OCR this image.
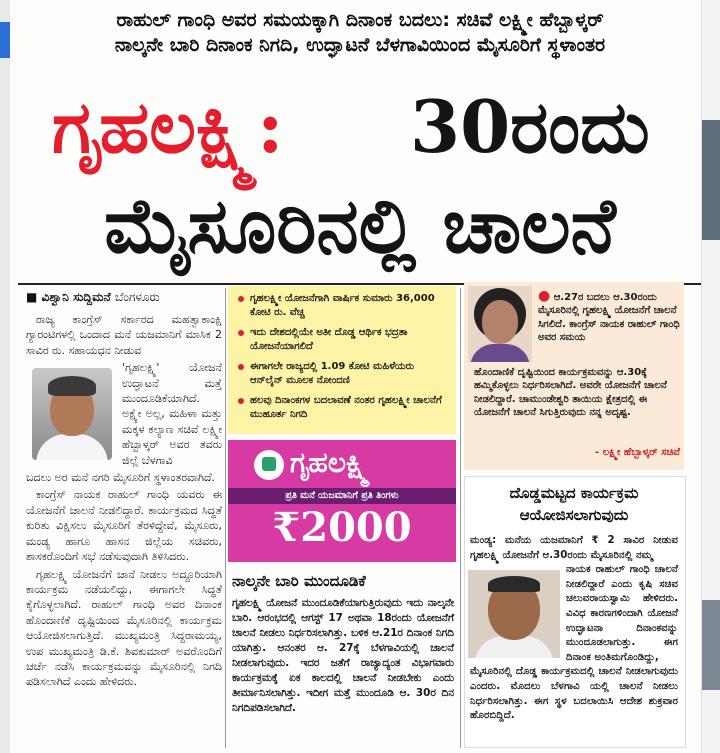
ರಾಹುಲ್ ಗಾಂಧಿ ಅವರ ಸಮಯಕ್ಕಾಗಿ ದಿನಾಂಕ ಬದಲು: ಸಚಿವೆ ಲಕ್ಷ್ಮೀ ಹೆಬ್ಬಾಳ್ಕರ್
ನಾಲ್ಕನೇ ಬಾರಿ ದಿನಾಂಕ ನಿಗದಿ, ಉದ್ಘಾಟನೆ ಬೆಳಗಾವಿಯಿಂದ ಮೈಸೂರಿಗೆ ಸ್ಥಳಾಂತರ
ಗೃಹಲಕ್ಷ್ಮಿ: 30ರಂದು
ಮೈಸೂರಿನಲ್ಲಿ ಚಾಲನೆ
■ ವಿಶ್ವಾನಿ ಸುದ್ದಿಮನೆ ಬೆಂಗಳೂರು

ರಾಜ್ಯ ಕಾಂಗ್ರೆಸ್ ಸರ್ಕಾರದ ಮಹತ್ವಾಕಾಂಕ್ಷಿ ಗ್ಯಾರಂಟಿಗಳಲ್ಲಿ ಒಂದಾದ ಮನೆ ಯಜಮಾನಿಗೆ ಮಾಸಿಕ 2 ಸಾವಿರ ರು. ಸಹಾಯಧನ ನೀಡುವ

'ಗೃಹಲಕ್ಷ್ಮಿ' ಯೋಜನೆ ಉದ್ಘಾಟನೆ ಮತ್ತೆ ಮುಂದೂಡಿಕೆಯಾಗಿದೆ. ಅಕ್ಷ್ಯೇ ಅಲ್ಲ, ಮಹಿಳಾ ಮತ್ತು ಮಕ್ಕಳ ಕಲ್ಯಾಣ ಸಚಿವೆ ಲಕ್ಷ್ಮೀ ಹೆಬ್ಬಾಳ್ಕರ್ ಅವರ ತವರು ಜಿಲ್ಲೆ ಬೆಳಗಾವಿ

ಬದಲು ಅರ ಮನೆ ನಗರಿ ಮೈಸೂರಿಗೆ ಸ್ಥಳಾಂತರವಾಗಿದೆ.

ಕಾಂಗ್ರೆಸ್ ನಾಯಕ ರಾಹುಲ್ ಗಾಂಧಿ ಯವರು ಈ ಯೋಜನೆಗೆ ಚಾಲನೆ ನೀಡಲಿದ್ದಾರೆ. ಕಾರ್ಯಕ್ರಮದ ಸಿದ್ಧತೆ ಕುರಿತು ವಿಕ್ಷಿಸಲು ಮೈಸೂರಿಗೆ ತೆರಳಿದ್ದೇವೆ, ಮೈಸೂರು, ಮಂಡ್ಯ ಹಾಗೂ ಹಾಸನ ಜಿಲ್ಲೆಯ ಸಚಿವರು, ಶಾಸಕರೊಂದಿಗೆ ಸಭೆ ನಡೆಸುವುದಾಗಿ ತಿಳಿಸಿದರು.

ಗೃಹಲಕ್ಷ್ಮಿ ಯೋಜನೆಗೆ ಚಾನೆ ನೀಡಲು ಅದ್ದೂರಿಯಾಗಿ ಕಾರ್ಯಕ್ರಮ ನಡೆಯಲಿದ್ದು, ಈಗಾಗಲೇ ಸಿದ್ಧತೆ ಕೈಗೊಳ್ಳಲಾಗಿದೆ. ರಾಹುಲ್ ಗಾಂಧಿ ಅವರ ದಿನಾಂಕ ಹೊಂದಾಣಿಕೆ ದೃಷ್ಟಿಯಿಂದ ಮೈಸೂರಿನಲ್ಲಿ ಕಾರ್ಯಕ್ರಮ ಆಯೋಜಿಸಲಾಗುತ್ತಿದೆ. ಮುಖ್ಯಮಂತ್ರಿ ಸಿದ್ದರಾಮಯ್ಯ, ಉಪ ಮುಖ್ಯಮಂತ್ರಿ ಡಿ.ಕೆ. ಶಿವಕುಮಾರ್ ಅವರೊಂದಿಗೆ ಚರ್ಚೆ ನಡೆಸಿ ಕಾರ್ಯಕ್ರಮವನ್ನು ಮೈಸೂರಿನಲ್ಲಿ ನಿಗದಿ ಪಡಿಸಲಾಗಿದೆ ಎಂದು ಹೇಳಿದರು.

ಗೃಹಲಕ್ಷ್ಮೀ ಯೋಜನೆಗಾಗಿ ವಾರ್ಷಿಕ ಸುಮಾರು 36,000 ಕೋಟಿ ರು. ವೆಚ್ಚ
ಇದು ದೇಶದಲ್ಲಿಯೇ ಅತೀ ದೊಡ್ಡ ಆರ್ಥಿಕ ಭದ್ರತಾ ಯೋಜನೆಯಾಗಲಿದೆ
ಈಗಾಗಲೇ ರಾಜ್ಯದಲ್ಲಿ 1.09 ಕೋಟಿ ಮಹಿಳೆಯರು ಆನ್‌ಲೈನ್ ಮೂಲಕ ನೋಂದಣಿ
ಹಲವು ದಿನಾಂಕಗಳ ಬದಲಾವಣೆ ನಂತರ ಗೃಹಲಕ್ಷ್ಮೀ ಚಾಲನೆಗೆ ಮುಹೂರ್ತ ನಿಗದಿ
ಗೃಹಲಕ್ಷ್ಮಿ
ಪ್ರತಿ ಮನೆ ಯಜಮಾನಿಗೆ ಪ್ರತಿ ತಿಂಗಳು
₹2000
ನಾಲ್ಕನೇ ಬಾರಿ ಮುಂದೂಡಿಕೆ

ಗೃಹಲಕ್ಷ್ಮಿ ಯೋಜನೆ ಮುಂದೂಡಿಕೆಯಾಗುತ್ತಿರುವುದು ಇದು ನಾಲ್ಕನೇ ಬಾರಿ. ಆರಂಭದಲ್ಲಿ ಆಗಸ್ಟ್ 17 ಅಥವಾ 18ರಂದು ಯೋಜನೆಗೆ ಚಾಲನೆ ನೀಡಲು ನಿರ್ಧರಿಸಲಾಗಿತ್ತು. ಬಳಿಕ ಆ.21ರ ದಿನಾಂಕ ನಿಗದಿ ಯಾಗಿತ್ತು. ಆನಂತರ ಆ. 27ಕ್ಕೆ ಬೆಳಗಾವಿಯಲ್ಲಿ ಚಾಲನೆ ನೀಡಲಾಗುವುದು. ಇದರ ಜತೆಗೆ ರಾಜ್ಯಾದ್ಯಂತ ವಿಭಾಗವಾರು ಕಾರ್ಯಕ್ರಮಕ್ಕೆ ಏಕ ಕಾಲದಲ್ಲಿ ಚಾಲನೆ ನೀಡಬೇಕು ಎಂದು ತೀರ್ಮಾನಿಸಲಾಗಿತ್ತು. ಇದೀಗ ಮತ್ತೆ ಮುಂದೂಡಿ ಆ. 30ರ ದಿನ ನಿಗದಿಪಡಿಸಲಾಗಿದೆ.

● ಆ.27ರ ಬದಲು ಆ.30ರಂದು ಮೈಸೂರಿನಲ್ಲಿ ಗೃಹಲಕ್ಷ್ಮಿ ಯೋಜನೆಗೆ ಚಾಲನೆ ಸಿಗಲಿದೆ. ಕಾಂಗ್ರೆಸ್ ನಾಯಕ ರಾಹುಲ್ ಗಾಂಧಿ ಅವರ ಸಮಯ
ಹೊಂದಾಣಿಕೆ ದೃಷ್ಟಿಯಿಂದ ಕಾರ್ಯಕ್ರಮವನ್ನು ಆ.30ಕ್ಕೆ ಹಮ್ಮಿಕೊಳ್ಳಲು ನಿರ್ಧರಿಸಲಾಗಿದೆ. ಅವರೇ ಯೋಜನೆಗೆ ಚಾಲನೆ ನೀಡಲಿದ್ದಾರೆ. ಚಾಮುಂಡೇಶ್ವರಿ ತಾಯಿಯ ಕ್ಷೇತ್ರದಲ್ಲಿ ಈ ಯೋಜನೆಗೆ ಚಾಲನೆ ಸಿಗುತ್ತಿರುವುದು ನನ್ನ ಅದೃಷ್ಟ.
- ಲಕ್ಷ್ಮೀ ಹೆಬ್ಬಾಳ್ಕರ್ ಸಚಿವೆ
ದೊಡ್ಡಮಟ್ಟದ ಕಾರ್ಯಕ್ರಮ ಆಯೋಜಿಸಲಾಗುವುದು

ಮಂಡ್ಯ: ಮನೆಯ ಯಜಮಾನಿಗೆ ₹ 2 ಸಾವಿರ ನೀಡುವ ಗೃಹಲಕ್ಷ್ಮಿ ಯೋಜನೆಗೆ ಆ.30ರಂದು ಮೈಸೂರಿನಲ್ಲಿ ನಮ್ಮ

ನಾಯಕ ರಾಹುಲ್ ಗಾಂಧಿ ಚಾಲನೆ ನೀಡಲಿದ್ದಾರೆ ಎಂದು ಕೃಷಿ ಸಚಿವ ಚಲುವರಾಯಸ್ವಾಮಿ ಹೇಳಿದರು. ವಿವಿಧ ಕಾರಣಗಳಿಂದಾಗಿ ಯೋಜನೆ ಉದ್ಘಾಟನಾ ದಿನಾಂಕವನ್ನು ಮುಂದೂಡಲಾಗುತ್ತು. ಈಗ ದಿನಾಂಕ ಅಂತಿಮಗೊಂಡಿದ್ದು,

ಮೈಸೂರಿನಲ್ಲಿ ದೊಡ್ಡ ಕಾರ್ಯಕ್ರಮದಲ್ಲಿ ಚಾಲನೆ ನೀಡಲಾಗುವುದು ಎಂದರು. ಮೊದಲು ಬೆಳಗಾವಿ ಯಲ್ಲಿ ಚಾಲನೆ ನೀಡಲು ನಿರ್ಧರಿಸಲಾಗಿತ್ತು. ಈಗ ಸ್ಥಳ ಬದಲಾಯಿಸಿ ಆದೇಶ ಶುಕ್ರವಾರ ಹೊರಬಿದ್ದಿದೆ.
